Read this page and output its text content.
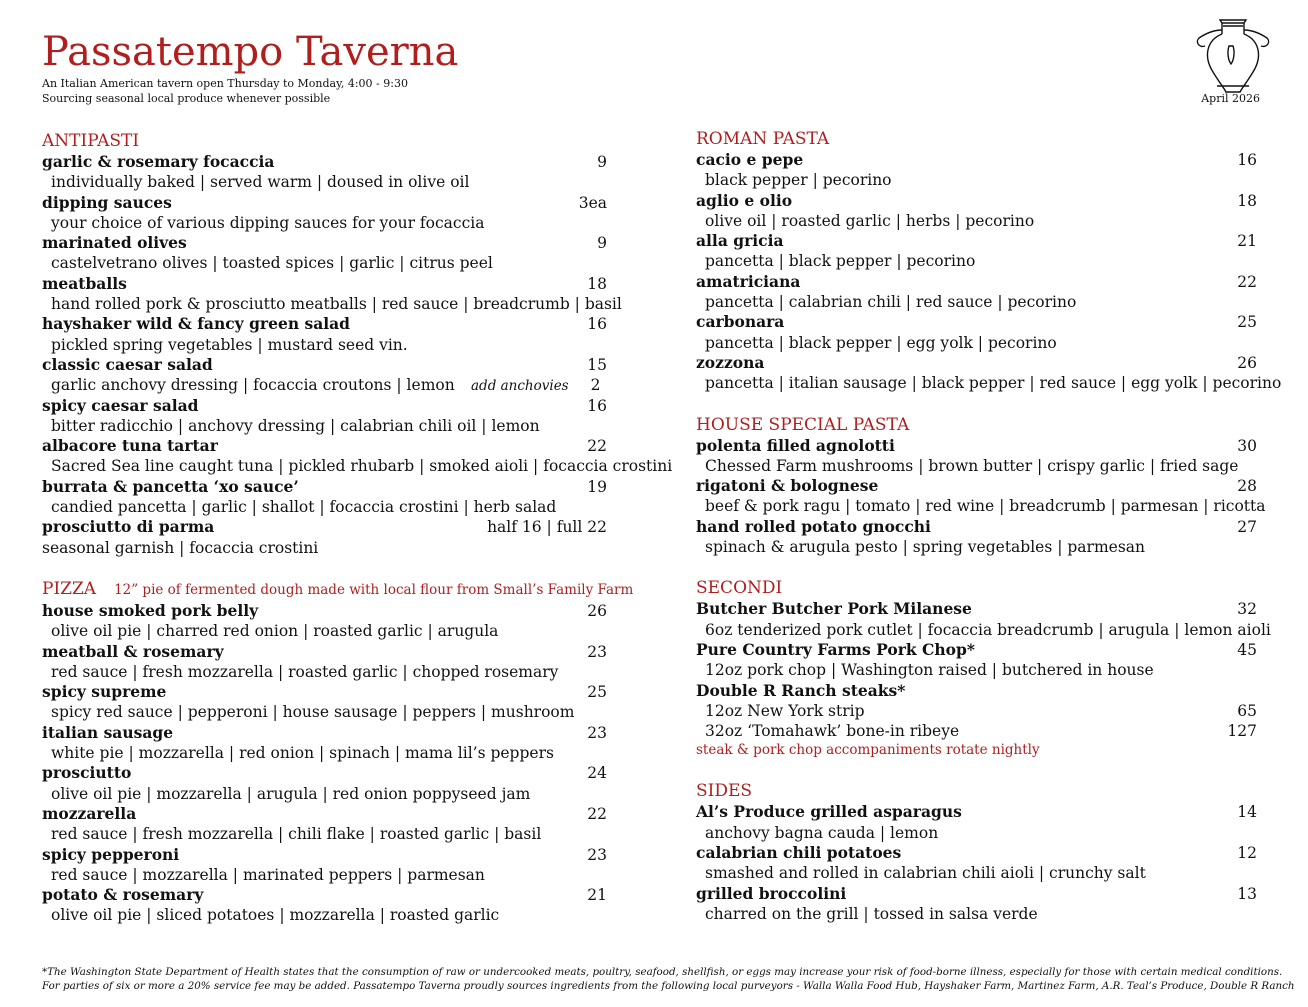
Passatempo Taverna
An Italian American tavern open Thursday to Monday, 4:00 - 9:30
Sourcing seasonal local produce whenever possible	April 2026
ANTIPASTI
garlic & rosemary focaccia	9
individually baked | served warm | doused in olive oil
dipping sauces	3ea
your choice of various dipping sauces for your focaccia
marinated olives	9
castelvetrano olives | toasted spices | garlic | citrus peel
meatballs	18
hand rolled pork & prosciutto meatballs | red sauce | breadcrumb | basil
hayshaker wild & fancy green salad	16
pickled spring vegetables | mustard seed vin.
classic caesar salad	15
garlic anchovy dressing | focaccia croutons | lemon add anchovies 2
spicy caesar salad	16
bitter radicchio | anchovy dressing | calabrian chili oil | lemon
albacore tuna tartar	22
Sacred Sea line caught tuna | pickled rhubarb | smoked aioli | focaccia crostini
burrata & pancetta ‘xo sauce’	19
candied pancetta | garlic | shallot | focaccia crostini | herb salad
prosciutto di parma	half 16 | full 22
seasonal garnish | focaccia crostini
PIZZA 12” pie of fermented dough made with local flour from Small’s Family Farm
house smoked pork belly	26
olive oil pie | charred red onion | roasted garlic | arugula
meatball & rosemary	23
red sauce | fresh mozzarella | roasted garlic | chopped rosemary
spicy supreme	25
spicy red sauce | pepperoni | house sausage | peppers | mushroom
italian sausage	23
white pie | mozzarella | red onion | spinach | mama lil’s peppers
prosciutto	24
olive oil pie | mozzarella | arugula | red onion poppyseed jam
mozzarella	22
red sauce | fresh mozzarella | chili flake | roasted garlic | basil
spicy pepperoni	23
red sauce | mozzarella | marinated peppers | parmesan
potato & rosemary	21
olive oil pie | sliced potatoes | mozzarella | roasted garlic
ROMAN PASTA
cacio e pepe	16
black pepper | pecorino
aglio e olio	18
olive oil | roasted garlic | herbs | pecorino
alla gricia	21
pancetta | black pepper | pecorino
amatriciana	22
pancetta | calabrian chili | red sauce | pecorino
carbonara	25
pancetta | black pepper | egg yolk | pecorino
zozzona	26
pancetta | italian sausage | black pepper | red sauce | egg yolk | pecorino
HOUSE SPECIAL PASTA
polenta filled agnolotti	30
Chessed Farm mushrooms | brown butter | crispy garlic | fried sage
rigatoni & bolognese	28
beef & pork ragu | tomato | red wine | breadcrumb | parmesan | ricotta
hand rolled potato gnocchi	27
spinach & arugula pesto | spring vegetables | parmesan
SECONDI
Butcher Butcher Pork Milanese	32
6oz tenderized pork cutlet | focaccia breadcrumb | arugula | lemon aioli
Pure Country Farms Pork Chop*	45
12oz pork chop | Washington raised | butchered in house
Double R Ranch steaks*
12oz New York strip	65
32oz ‘Tomahawk’ bone-in ribeye	127
steak & pork chop accompaniments rotate nightly
SIDES
Al’s Produce grilled asparagus	14
anchovy bagna cauda | lemon
calabrian chili potatoes	12
smashed and rolled in calabrian chili aioli | crunchy salt
grilled broccolini	13
charred on the grill | tossed in salsa verde
*The Washington State Department of Health states that the consumption of raw or undercooked meats, poultry, seafood, shellfish, or eggs may increase your risk of food-borne illness, especially for those with certain medical conditions.
For parties of six or more a 20% service fee may be added. Passatempo Taverna proudly sources ingredients from the following local purveyors - Walla Walla Food Hub, Hayshaker Farm, Martinez Farm, A.R. Teal’s Produce, Double R Ranch
